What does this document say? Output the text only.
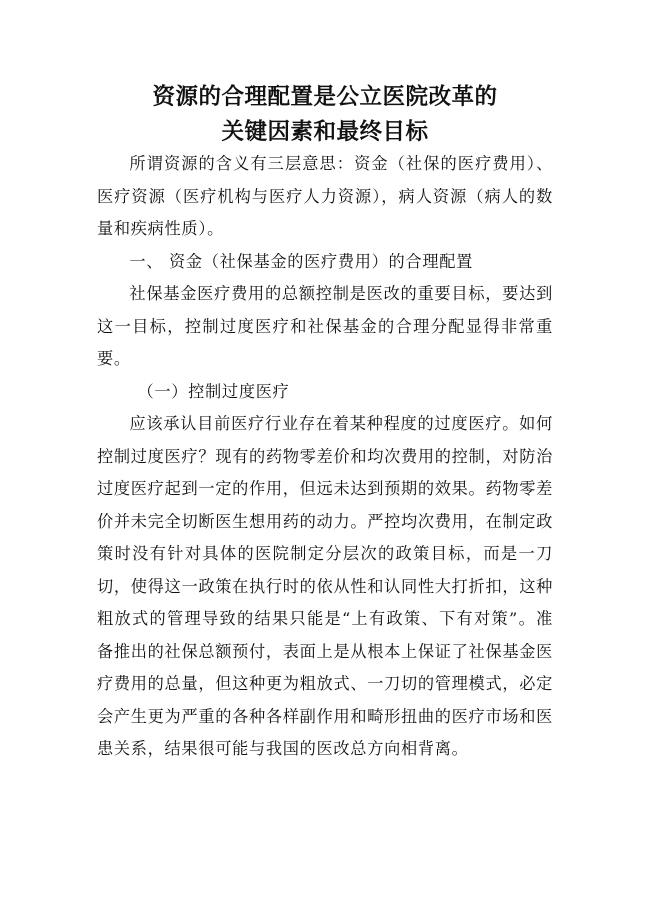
资源的合理配置是公立医院改革的
关键因素和最终目标

所谓资源的含义有三层意思：资金（社保的医疗费用）、医疗资源（医疗机构与医疗人力资源），病人资源（病人的数量和疾病性质）。

一、 资金（社保基金的医疗费用）的合理配置

社保基金医疗费用的总额控制是医改的重要目标，要达到这一目标，控制过度医疗和社保基金的合理分配显得非常重要。

（一）控制过度医疗

应该承认目前医疗行业存在着某种程度的过度医疗。如何控制过度医疗？现有的药物零差价和均次费用的控制，对防治过度医疗起到一定的作用，但远未达到预期的效果。药物零差价并未完全切断医生想用药的动力。严控均次费用，在制定政策时没有针对具体的医院制定分层次的政策目标，而是一刀切，使得这一政策在执行时的依从性和认同性大打折扣，这种粗放式的管理导致的结果只能是“上有政策、下有对策”。准备推出的社保总额预付，表面上是从根本上保证了社保基金医疗费用的总量，但这种更为粗放式、一刀切的管理模式，必定会产生更为严重的各种各样副作用和畸形扭曲的医疗市场和医患关系，结果很可能与我国的医改总方向相背离。
